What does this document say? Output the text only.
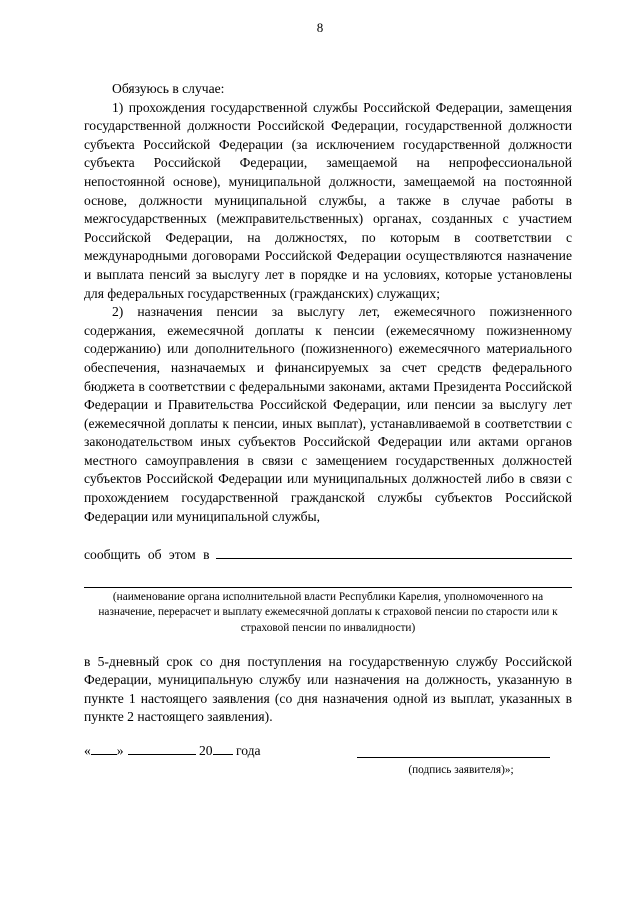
8

Обязуюсь в случае:

1) прохождения государственной службы Российской Федерации, замещения государственной должности Российской Федерации, государственной должности субъекта Российской Федерации (за исключением государственной должности субъекта Российской Федерации, замещаемой на непрофессиональной непостоянной основе), муниципальной должности, замещаемой на постоянной основе, должности муниципальной службы, а также в случае работы в межгосударственных (межправительственных) органах, созданных с участием Российской Федерации, на должностях, по которым в соответствии с международными договорами Российской Федерации осуществляются назначение и выплата пенсий за выслугу лет в порядке и на условиях, которые установлены для федеральных государственных (гражданских) служащих;

2) назначения пенсии за выслугу лет, ежемесячного пожизненного содержания, ежемесячной доплаты к пенсии (ежемесячному пожизненному содержанию) или дополнительного (пожизненного) ежемесячного материального обеспечения, назначаемых и финансируемых за счет средств федерального бюджета в соответствии с федеральными законами, актами Президента Российской Федерации и Правительства Российской Федерации, или пенсии за выслугу лет (ежемесячной доплаты к пенсии, иных выплат), устанавливаемой в соответствии с законодательством иных субъектов Российской Федерации или актами органов местного самоуправления в связи с замещением государственных должностей субъектов Российской Федерации или муниципальных должностей либо в связи с прохождением государственной гражданской службы субъектов Российской Федерации или муниципальной службы,

сообщить об этом в

(наименование органа исполнительной власти Республики Карелия, уполномоченного на назначение, перерасчет и выплату ежемесячной доплаты к страховой пенсии по старости или к страховой пенсии по инвалидности)

в 5-дневный срок со дня поступления на государственную службу Российской Федерации, муниципальную службу или назначения на должность, указанную в пункте 1 настоящего заявления (со дня назначения одной из выплат, указанных в пункте 2 настоящего заявления).

« »	20 года
(подпись заявителя)»;
